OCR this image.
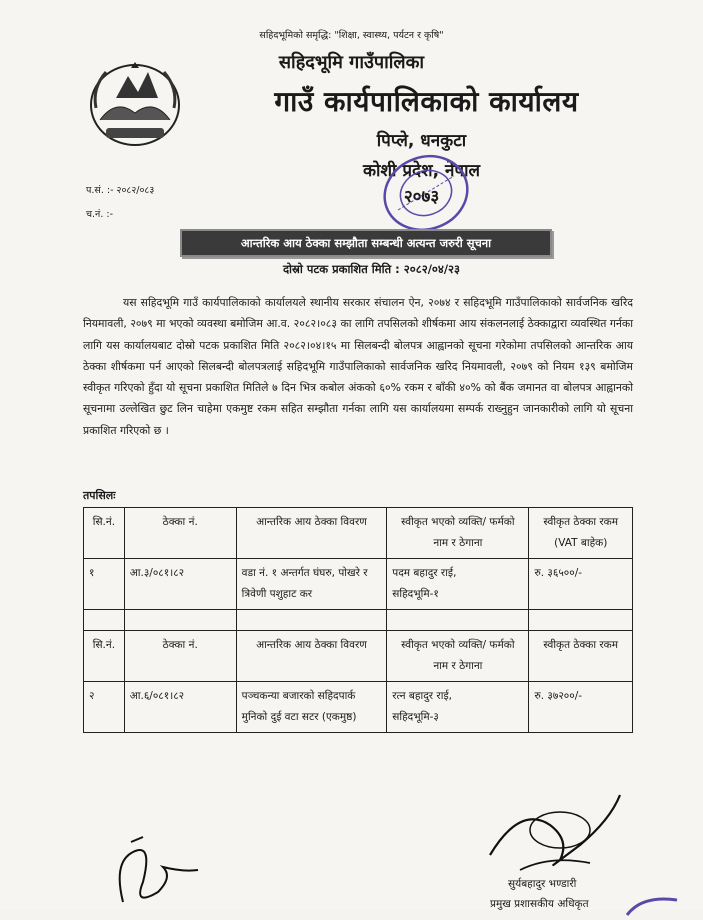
सहिदभूमिको समृद्धि: "शिक्षा, स्वास्थ्य, पर्यटन र कृषि"
सहिदभूमि गाउँपालिका
गाउँ कार्यपालिकाको कार्यालय
पिप्ले, धनकुटा
कोशी प्रदेश, नेपाल
२०७३
प.सं. :- २०८२/०८३
च.नं. :-
आन्तरिक आय ठेक्का सम्झौता सम्बन्धी अत्यन्त जरुरी सूचना
दोस्रो पटक प्रकाशित मिति : २०८२/०४/२३
यस सहिदभूमि गाउँ कार्यपालिकाको कार्यालयले स्थानीय सरकार संचालन ऐन, २०७४ र सहिदभूमि गाउँपालिकाको सार्वजनिक खरिद नियमावली, २०७९ मा भएको व्यवस्था बमोजिम आ.व. २०८२।०८३ का लागि तपसिलको शीर्षकमा आय संकलनलाई ठेक्काद्वारा व्यवस्थित गर्नका लागि यस कार्यालयबाट दोस्रो पटक प्रकाशित मिति २०८२।०४।१५ मा सिलबन्दी बोलपत्र आह्वानको सूचना गरेकोमा तपसिलको आन्तरिक आय ठेक्का शीर्षकमा पर्न आएको सिलबन्दी बोलपत्रलाई सहिदभूमि गाउँपालिकाको सार्वजनिक खरिद नियमावली, २०७९ को नियम १३९ बमोजिम स्वीकृत गरिएको हुँदा यो सूचना प्रकाशित मितिले ७ दिन भित्र कबोल अंकको ६०% रकम र बाँकी ४०% को बैंक जमानत वा बोलपत्र आह्वानको सूचनामा उल्लेखित छुट लिन चाहेमा एकमुष्ट रकम सहित सम्झौता गर्नका लागि यस कार्यालयमा सम्पर्क राख्नुहुन जानकारीको लागि यो सूचना प्रकाशित गरिएको छ ।
तपसिलः
सि.नं.	ठेक्का नं.	आन्तरिक आय ठेक्का विवरण	स्वीकृत भएको व्यक्ति/ फर्मको नाम र ठेगाना	स्वीकृत ठेक्का रकम (VAT बाहेक)
१	आ.३/०८१।८२	वडा नं. १ अन्तर्गत घंघरु, पोखरे र त्रिवेणी पशुहाट कर	पदम बहादुर राई,
सहिदभूमि-१	रु. ३६५००/-

सि.नं.	ठेक्का नं.	आन्तरिक आय ठेक्का विवरण	स्वीकृत भएको व्यक्ति/ फर्मको नाम र ठेगाना	स्वीकृत ठेक्का रकम
२	आ.६/०८१।८२	पञ्चकन्या बजारको सहिदपार्क मुनिको दुई वटा सटर (एकमुष्ठ)	रत्न बहादुर राई,
सहिदभूमि-३	रु. ३७२००/-
सुर्यबहादुर भण्डारी
प्रमुख प्रशासकीय अधिकृत
